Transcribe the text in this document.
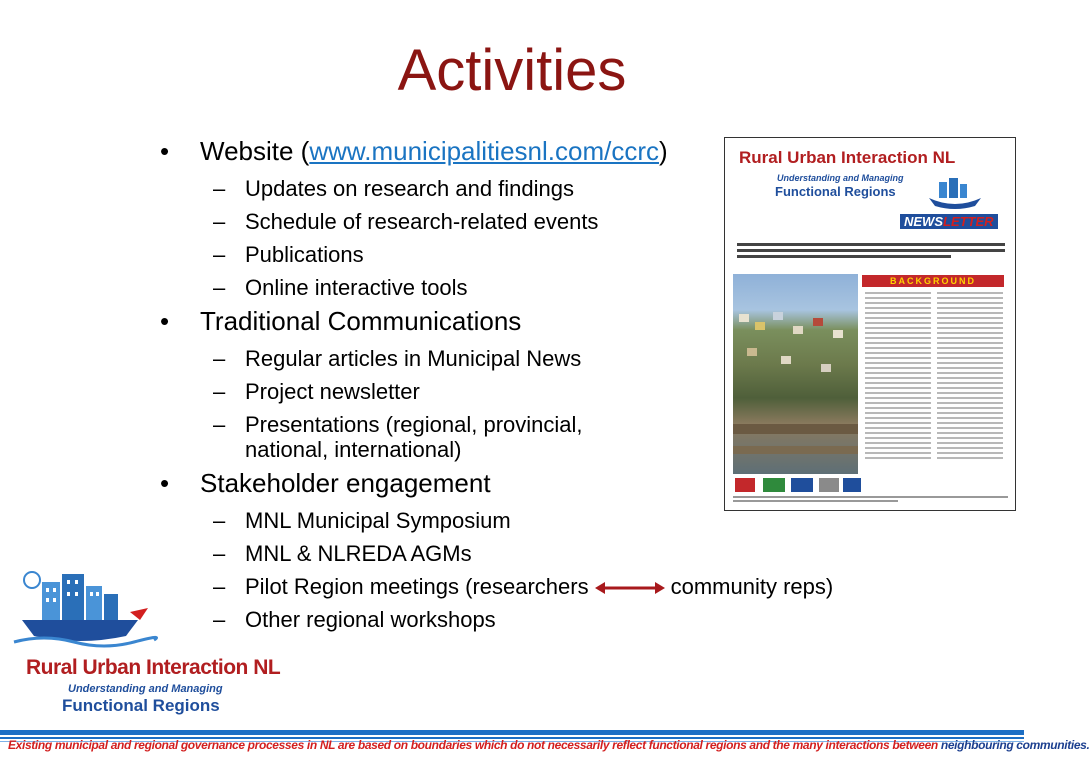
Activities
• Website (www.municipalitiesnl.com/ccrc)
– Updates on research and findings
– Schedule of research-related events
– Publications
– Online interactive tools
• Traditional Communications
– Regular articles in Municipal News
– Project newsletter
– Presentations (regional, provincial,
national, international)
• Stakeholder engagement
– MNL Municipal Symposium
– MNL & NLREDA AGMs
– Pilot Region meetings (researchers	community reps)
– Other regional workshops
Rural Urban Interaction NL
Understanding and Managing
Functional Regions
NEWSLETTER
BACKGROUND
Rural Urban Interaction NL
Understanding and Managing
Functional Regions
Existing municipal and regional governance processes in NL are based on boundaries which do not necessarily reflect functional regions and the many interactions between neighbouring communities.
